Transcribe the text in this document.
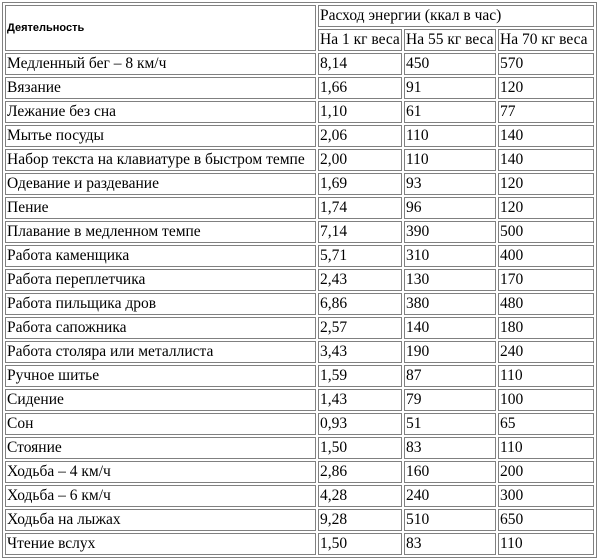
Деятельность	Расход энергии (ккал в час)		
	На 1 кг веса	На 55 кг веса	На 70 кг веса
Медленный бег – 8 км/ч	8,14	450	570
Вязание	1,66	91	120
Лежание без сна	1,10	61	77
Мытье посуды	2,06	110	140
Набор текста на клавиатуре в быстром темпе	2,00	110	140
Одевание и раздевание	1,69	93	120
Пение	1,74	96	120
Плавание в медленном темпе	7,14	390	500
Работа каменщика	5,71	310	400
Работа переплетчика	2,43	130	170
Работа пильщика дров	6,86	380	480
Работа сапожника	2,57	140	180
Работа столяра или металлиста	3,43	190	240
Ручное шитье	1,59	87	110
Сидение	1,43	79	100
Сон	0,93	51	65
Стояние	1,50	83	110
Ходьба – 4 км/ч	2,86	160	200
Ходьба – 6 км/ч	4,28	240	300
Ходьба на лыжах	9,28	510	650
Чтение вслух	1,50	83	110
